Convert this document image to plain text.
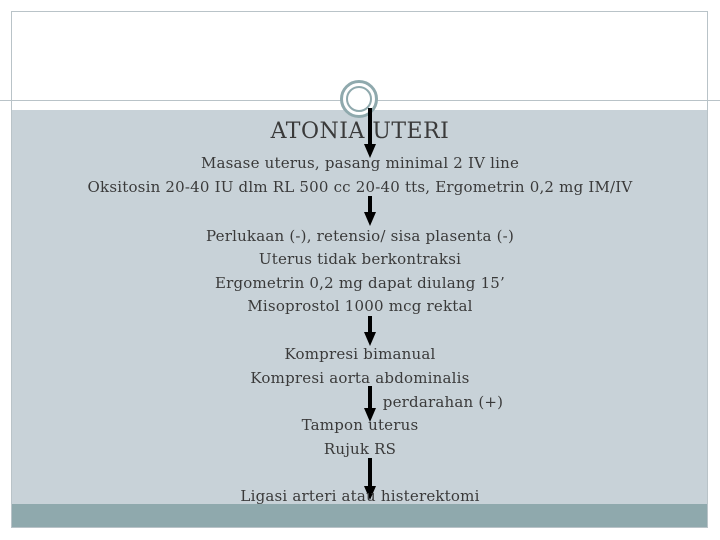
ATONIA UTERI
Masase uterus, pasang minimal 2 IV line
Oksitosin 20-40 IU dlm RL 500 cc 20-40 tts, Ergometrin 0,2 mg IM/IV
Perlukaan (-), retensio/ sisa plasenta (-)
Uterus tidak berkontraksi
Ergometrin 0,2 mg dapat diulang 15’
Misoprostol 1000 mcg rektal
Kompresi bimanual
Kompresi aorta abdominalis
perdarahan (+)
Tampon uterus
Rujuk RS
Ligasi arteri atau histerektomi
